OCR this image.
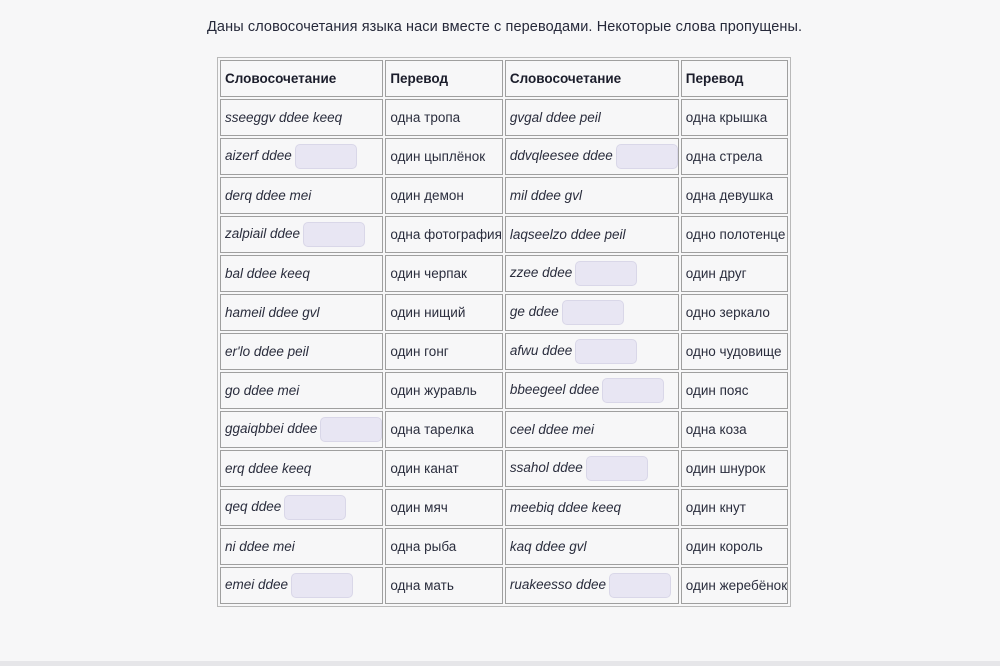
Даны словосочетания языка наси вместе с переводами. Некоторые слова пропущены.
Словосочетание	Перевод	Словосочетание	Перевод
sseeggv ddee keeq	одна тропа	gvgal ddee peil	одна крышка
aizerf ddee	один цыплёнок	ddvqleesee ddee	одна стрела
derq ddee mei	один демон	mil ddee gvl	одна девушка
zalpiail ddee	одна фотография	laqseelzo ddee peil	одно полотенце
bal ddee keeq	один черпак	zzee ddee	один друг
hameil ddee gvl	один нищий	ge ddee	одно зеркало
er'lo ddee peil	один гонг	afwu ddee	одно чудовище
go ddee mei	один журавль	bbeegeel ddee	один пояс
ggaiqbbei ddee	одна тарелка	ceel ddee mei	одна коза
erq ddee keeq	один канат	ssahol ddee	один шнурок
qeq ddee	один мяч	meebiq ddee keeq	один кнут
ni ddee mei	одна рыба	kaq ddee gvl	один король
emei ddee	одна мать	ruakeesso ddee	один жеребёнок
